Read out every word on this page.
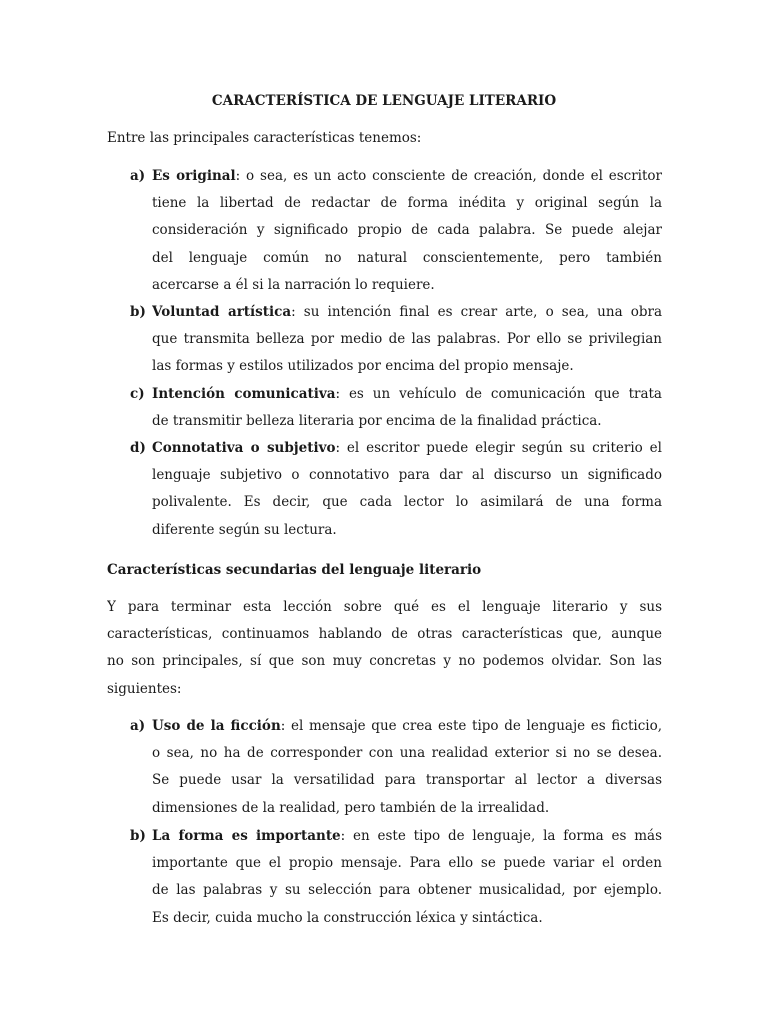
CARACTERÍSTICA DE LENGUAJE LITERARIO
Entre las principales características tenemos:
a) Es original: o sea, es un acto consciente de creación, donde el escritor
tiene la libertad de redactar de forma inédita y original según la
consideración y significado propio de cada palabra. Se puede alejar
del lenguaje común no natural conscientemente, pero también
acercarse a él si la narración lo requiere.
b) Voluntad artística: su intención final es crear arte, o sea, una obra
que transmita belleza por medio de las palabras. Por ello se privilegian
las formas y estilos utilizados por encima del propio mensaje.
c) Intención comunicativa: es un vehículo de comunicación que trata
de transmitir belleza literaria por encima de la finalidad práctica.
d) Connotativa o subjetivo: el escritor puede elegir según su criterio el
lenguaje subjetivo o connotativo para dar al discurso un significado
polivalente. Es decir, que cada lector lo asimilará de una forma
diferente según su lectura.
Características secundarias del lenguaje literario
Y para terminar esta lección sobre qué es el lenguaje literario y sus
características, continuamos hablando de otras características que, aunque
no son principales, sí que son muy concretas y no podemos olvidar. Son las
siguientes:
a) Uso de la ficción: el mensaje que crea este tipo de lenguaje es ficticio,
o sea, no ha de corresponder con una realidad exterior si no se desea.
Se puede usar la versatilidad para transportar al lector a diversas
dimensiones de la realidad, pero también de la irrealidad.
b) La forma es importante: en este tipo de lenguaje, la forma es más
importante que el propio mensaje. Para ello se puede variar el orden
de las palabras y su selección para obtener musicalidad, por ejemplo.
Es decir, cuida mucho la construcción léxica y sintáctica.
